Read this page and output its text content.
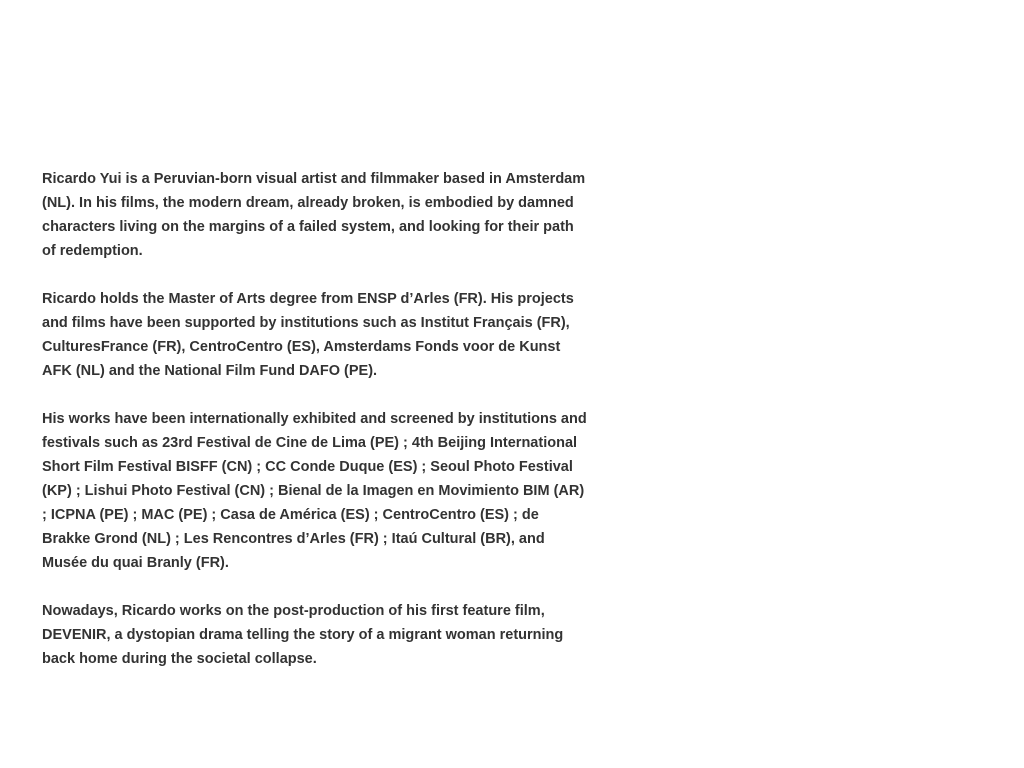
Ricardo Yui is a Peruvian-born visual artist and filmmaker based in Amsterdam (NL). In his films, the modern dream, already broken, is embodied by damned characters living on the margins of a failed system, and looking for their path of redemption.

Ricardo holds the Master of Arts degree from ENSP d’Arles (FR). His projects and films have been supported by institutions such as Institut Français (FR), CulturesFrance (FR), CentroCentro (ES), Amsterdams Fonds voor de Kunst AFK (NL) and the National Film Fund DAFO (PE).

His works have been internationally exhibited and screened by institutions and festivals such as 23rd Festival de Cine de Lima (PE) ; 4th Beijing International Short Film Festival BISFF (CN) ; CC Conde Duque (ES) ; Seoul Photo Festival (KP) ; Lishui Photo Festival (CN) ; Bienal de la Imagen en Movimiento BIM (AR) ; ICPNA (PE) ; MAC (PE) ; Casa de América (ES) ; CentroCentro (ES) ; de Brakke Grond (NL) ; Les Rencontres d’Arles (FR) ; Itaú Cultural (BR), and Musée du quai Branly (FR).

Nowadays, Ricardo works on the post-production of his first feature film, DEVENIR, a dystopian drama telling the story of a migrant woman returning back home during the societal collapse.
